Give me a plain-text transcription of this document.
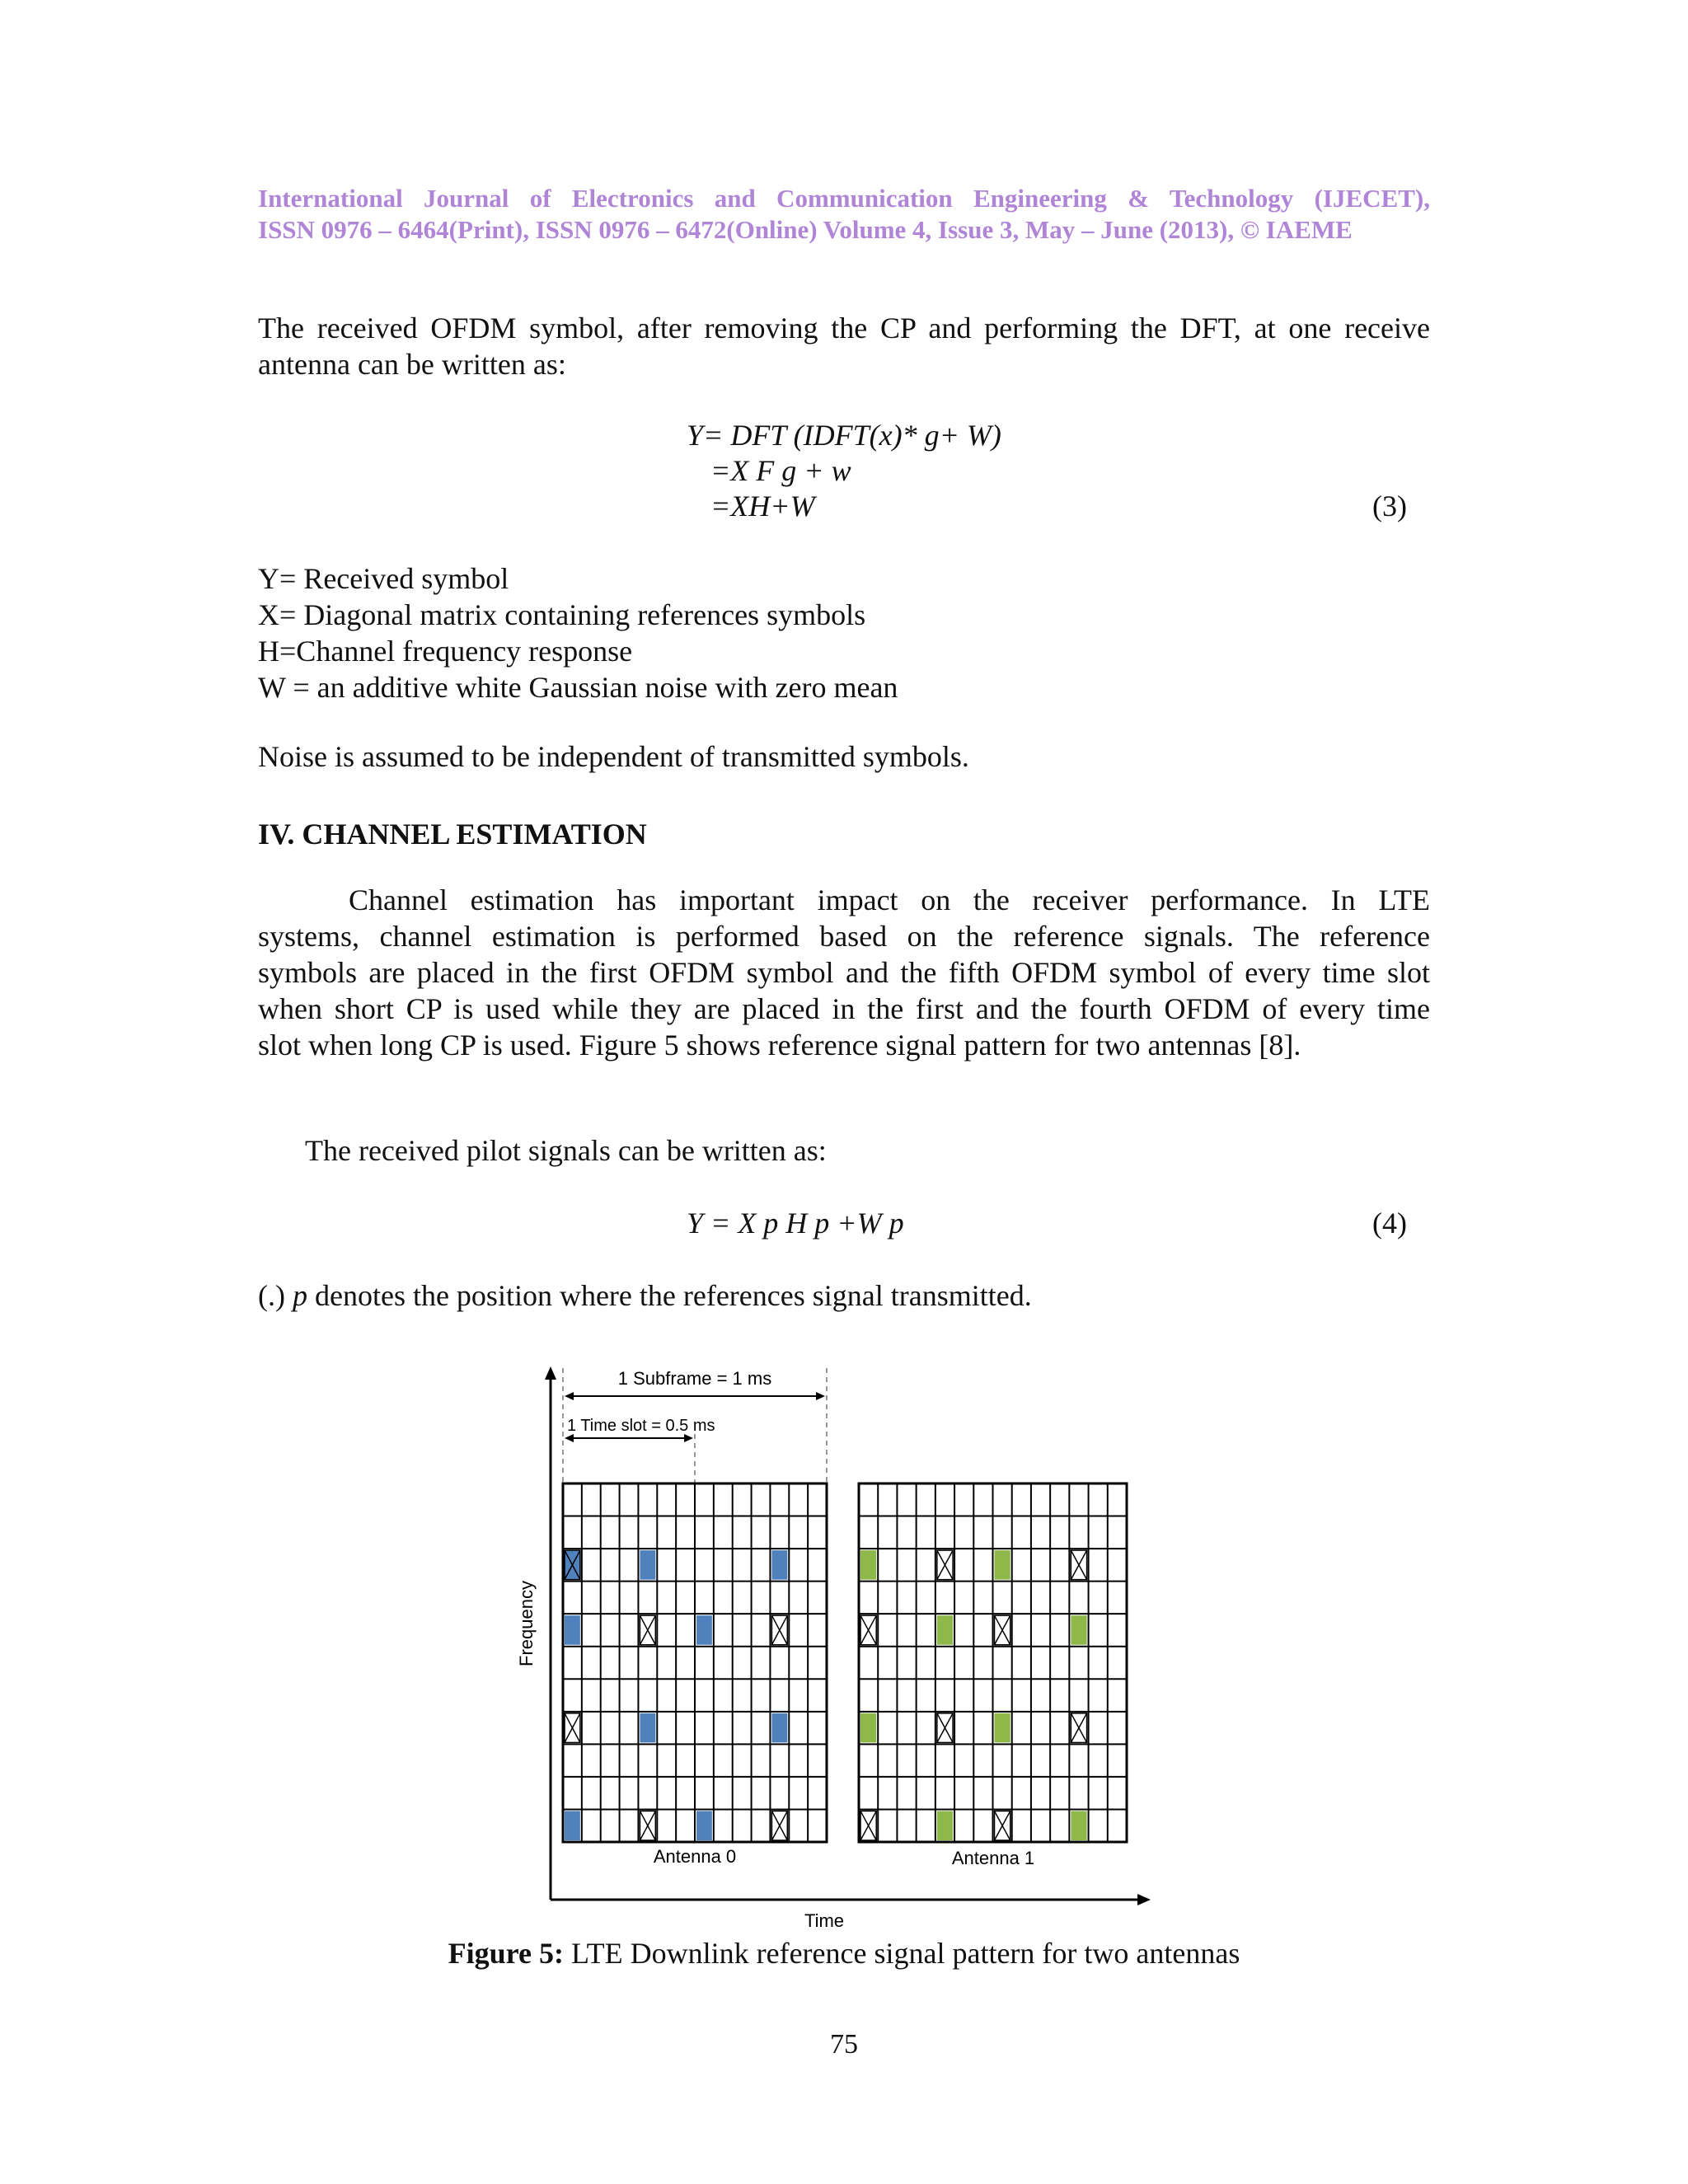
International Journal of Electronics and Communication Engineering & Technology (IJECET),
ISSN 0976 – 6464(Print), ISSN 0976 – 6472(Online) Volume 4, Issue 3, May – June (2013), © IAEME
The received OFDM symbol, after removing the CP and performing the DFT, at one receive
antenna can be written as:
Y= DFT (IDFT(x)* g+ W)
=X F g + w
=XH+W	(3)
Y= Received symbol
X= Diagonal matrix containing references symbols
H=Channel frequency response
W = an additive white Gaussian noise with zero mean
Noise is assumed to be independent of transmitted symbols.
IV. CHANNEL ESTIMATION
Channel estimation has important impact on the receiver performance. In LTE
systems, channel estimation is performed based on the reference signals. The reference
symbols are placed in the first OFDM symbol and the fifth OFDM symbol of every time slot
when short CP is used while they are placed in the first and the fourth OFDM of every time
slot when long CP is used. Figure 5 shows reference signal pattern for two antennas [8].
The received pilot signals can be written as:
Y = X p H p +W p	(4)
(.) p denotes the position where the references signal transmitted.
1 Subframe = 1 ms
1 Time slot = 0.5 ms
Antenna 0	Antenna 1
Time
Frequency
Figure 5: LTE Downlink reference signal pattern for two antennas
75
